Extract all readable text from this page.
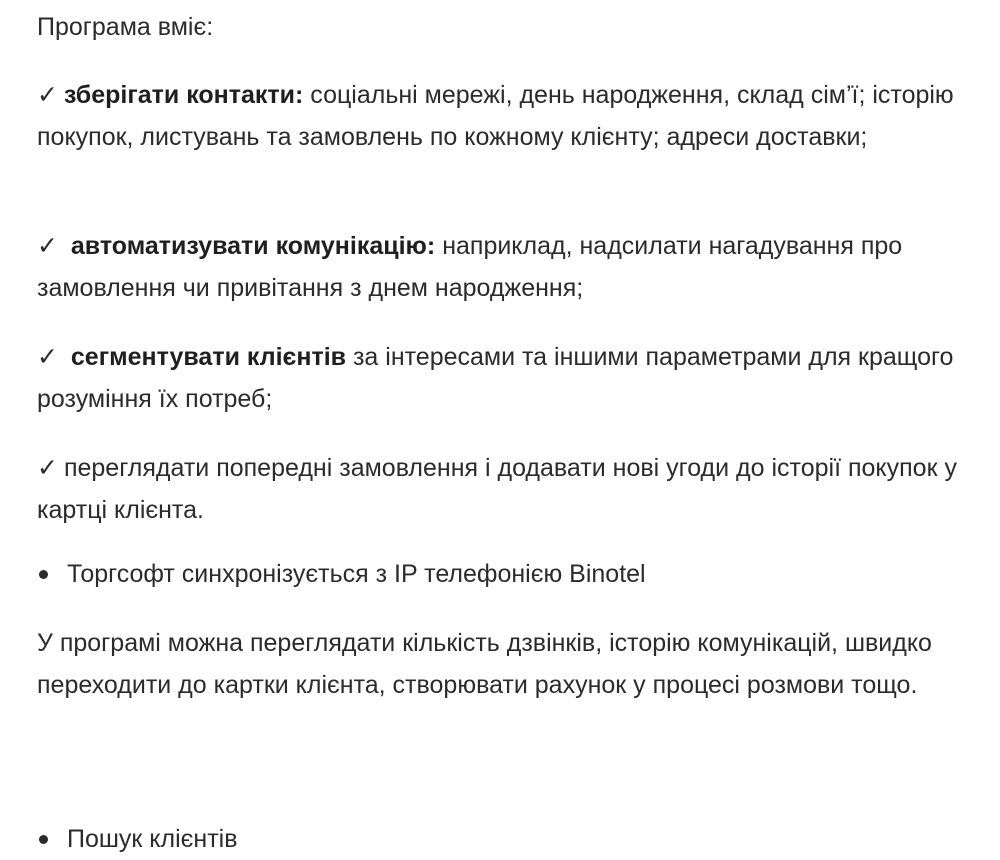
Програма вміє:

✓ зберігати контакти: соціальні мережі, день народження, склад сім’ї; історію покупок, листувань та замовлень по кожному клієнту; адреси доставки;

✓ автоматизувати комунікацію: наприклад, надсилати нагадування про замовлення чи привітання з днем народження;

✓ сегментувати клієнтів за інтересами та іншими параметрами для кращого розуміння їх потреб;

✓ переглядати попередні замовлення і додавати нові угоди до історії покупок у картці клієнта.

Торгсофт синхронізується з IP телефонією Binotel

У програмі можна переглядати кількість дзвінків, історію комунікацій, швидко переходити до картки клієнта, створювати рахунок у процесі розмови тощо.

Пошук клієнтів
